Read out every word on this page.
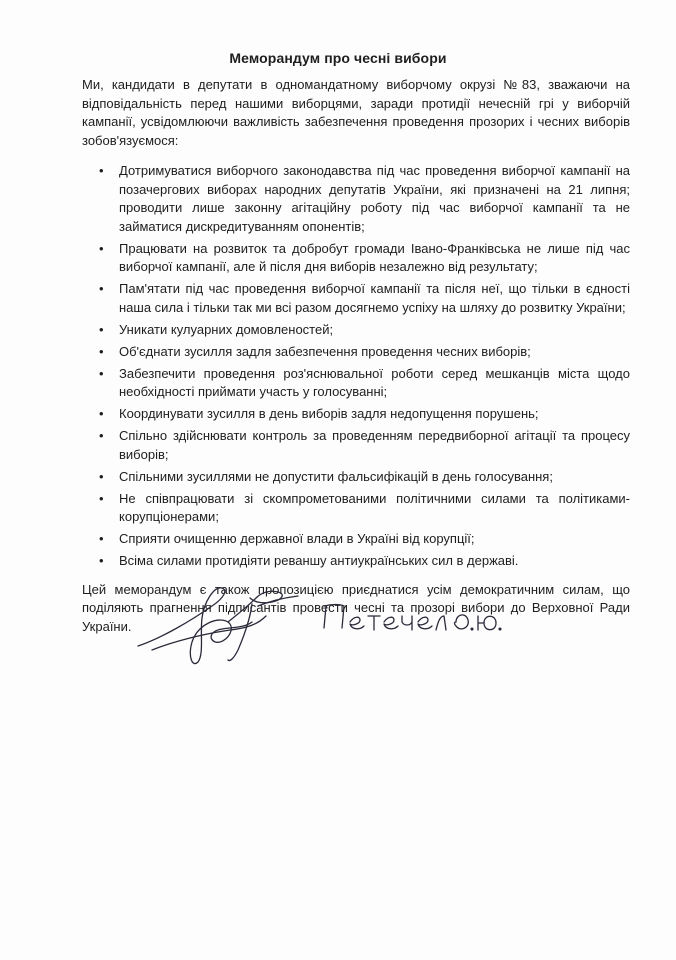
Меморандум про чесні вибори

Ми, кандидати в депутати в одномандатному виборчому окрузі №83, зважаючи на відповідальність перед нашими виборцями, заради протидії нечесній грі у виборчій кампанії, усвідомлюючи важливість забезпечення проведення прозорих і чесних виборів зобов'язуємося:

• Дотримуватися виборчого законодавства під час проведення виборчої кампанії на позачергових виборах народних депутатів України, які призначені на 21 липня; проводити лише законну агітаційну роботу під час виборчої кампанії та не займатися дискредитуванням опонентів;
• Працювати на розвиток та добробут громади Івано-Франківська не лише під час виборчої кампанії, але й після дня виборів незалежно від результату;
• Пам'ятати під час проведення виборчої кампанії та після неї, що тільки в єдності наша сила і тільки так ми всі разом досягнемо успіху на шляху до розвитку України;
• Уникати кулуарних домовленостей;
• Об'єднати зусилля задля забезпечення проведення чесних виборів;
• Забезпечити проведення роз'яснювальної роботи серед мешканців міста щодо необхідності приймати участь у голосуванні;
• Координувати зусилля в день виборів задля недопущення порушень;
• Спільно здійснювати контроль за проведенням передвиборної агітації та процесу виборів;
• Спільними зусиллями не допустити фальсифікацій в день голосування;
• Не співпрацювати зі скомпрометованими політичними силами та політиками-корупціонерами;
• Сприяти очищенню державної влади в Україні від корупції;
• Всіма силами протидіяти реваншу антиукраїнських сил в державі.

Цей меморандум є також пропозицією приєднатися усім демократичним силам, що поділяють прагнення підписантів провести чесні та прозорі вибори до Верховної Ради України.
